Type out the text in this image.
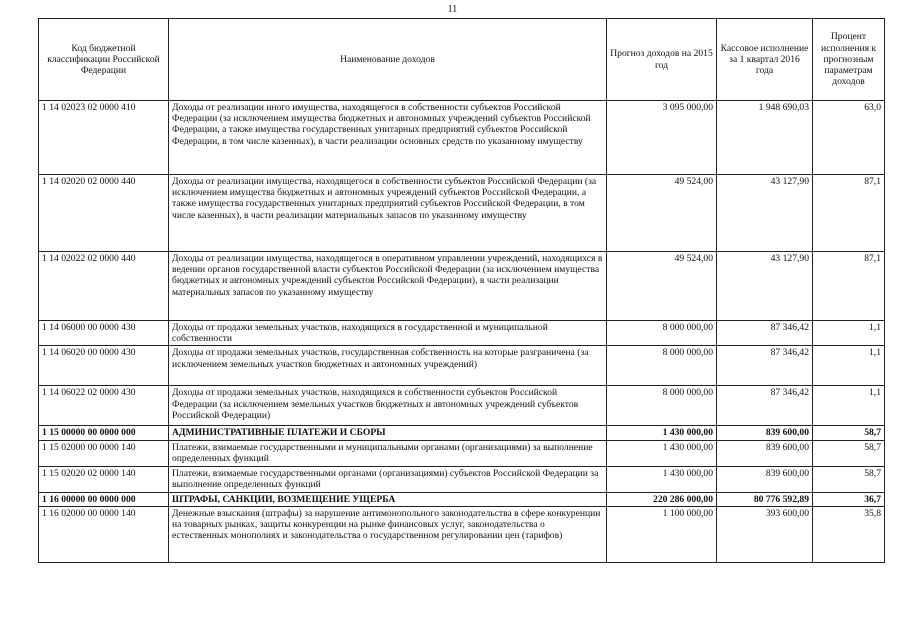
11
Код бюджетной классификации Российской Федерации	Наименование доходов	Прогноз доходов на 2015 год	Кассовое исполнение за 1 квартал 2016 года	Процент исполнения к прогнозным параметрам доходов
1 14 02023 02 0000 410	Доходы от реализации иного имущества, находящегося в собственности субъектов Российской Федерации (за исключением имущества бюджетных и автономных учреждений субъектов Российской Федерации, а также имущества государственных унитарных предприятий субъектов Российской Федерации, в том числе казенных), в части реализации основных средств по указанному имуществу	3 095 000,00	1 948 690,03	63,0
1 14 02020 02 0000 440	Доходы от реализации имущества, находящегося в собственности субъектов Российской Федерации (за исключением имущества бюджетных и автономных учреждений субъектов Российской Федерации, а также имущества государственных унитарных предприятий субъектов Российской Федерации, в том числе казенных), в части реализации материальных запасов по указанному имуществу	49 524,00	43 127,90	87,1
1 14 02022 02 0000 440	Доходы от реализации имущества, находящегося в оперативном управлении учреждений, находящихся в ведении органов государственной власти субъектов Российской Федерации (за исключением имущества бюджетных и автономных учреждений субъектов Российской Федерации), в части реализации материальных запасов по указанному имуществу	49 524,00	43 127,90	87,1
1 14 06000 00 0000 430	Доходы от продажи земельных участков, находящихся в государственной и муниципальной собственности	8 000 000,00	87 346,42	1,1
1 14 06020 00 0000 430	Доходы от продажи земельных участков, государственная собственность на которые разграничена (за исключением земельных участков бюджетных и автономных учреждений)	8 000 000,00	87 346,42	1,1
1 14 06022 02 0000 430	Доходы от продажи земельных участков, находящихся в собственности субъектов Российской Федерации (за исключением земельных участков бюджетных и автономных учреждений субъектов Российской Федерации)	8 000 000,00	87 346,42	1,1
1 15 00000 00 0000 000	АДМИНИСТРАТИВНЫЕ ПЛАТЕЖИ И СБОРЫ	1 430 000,00	839 600,00	58,7
1 15 02000 00 0000 140	Платежи, взимаемые государственными и муниципальными органами (организациями) за выполнение определенных функций	1 430 000,00	839 600,00	58,7
1 15 02020 02 0000 140	Платежи, взимаемые государственными органами (организациями) субъектов Российской Федерации за выполнение определенных функций	1 430 000,00	839 600,00	58,7
1 16 00000 00 0000 000	ШТРАФЫ, САНКЦИИ, ВОЗМЕЩЕНИЕ УЩЕРБА	220 286 000,00	80 776 592,89	36,7
1 16 02000 00 0000 140	Денежные взыскания (штрафы) за нарушение антимонопольного законодательства в сфере конкуренции на товарных рынках, защиты конкуренции на рынке финансовых услуг, законодательства о естественных монополиях и законодательства о государственном регулировании цен (тарифов)	1 100 000,00	393 600,00	35,8
